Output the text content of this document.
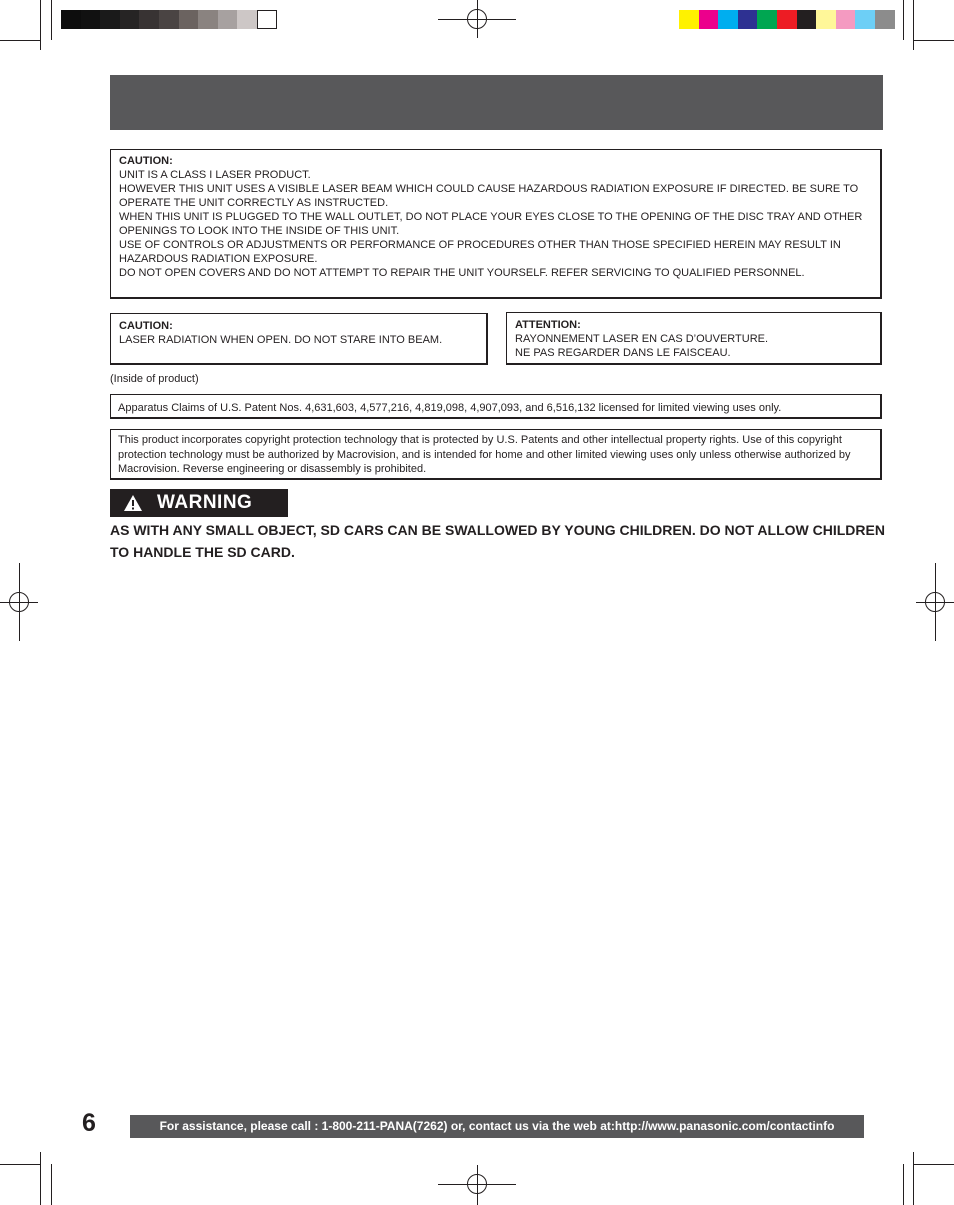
CAUTION:
UNIT IS A CLASS I LASER PRODUCT.
HOWEVER THIS UNIT USES A VISIBLE LASER BEAM WHICH COULD CAUSE HAZARDOUS RADIATION EXPOSURE IF DIRECTED. BE SURE TO OPERATE THE UNIT CORRECTLY AS INSTRUCTED.
WHEN THIS UNIT IS PLUGGED TO THE WALL OUTLET, DO NOT PLACE YOUR EYES CLOSE TO THE OPENING OF THE DISC TRAY AND OTHER OPENINGS TO LOOK INTO THE INSIDE OF THIS UNIT.
USE OF CONTROLS OR ADJUSTMENTS OR PERFORMANCE OF PROCEDURES OTHER THAN THOSE SPECIFIED HEREIN MAY RESULT IN HAZARDOUS RADIATION EXPOSURE.
DO NOT OPEN COVERS AND DO NOT ATTEMPT TO REPAIR THE UNIT YOURSELF. REFER SERVICING TO QUALIFIED PERSONNEL.
CAUTION:
LASER RADIATION WHEN OPEN. DO NOT STARE INTO BEAM.
ATTENTION:
RAYONNEMENT LASER EN CAS D’OUVERTURE.
NE PAS REGARDER DANS LE FAISCEAU.
(Inside of product)
Apparatus Claims of U.S. Patent Nos. 4,631,603, 4,577,216, 4,819,098, 4,907,093, and 6,516,132 licensed for limited viewing uses only.
This product incorporates copyright protection technology that is protected by U.S. Patents and other intellectual property rights. Use of this copyright protection technology must be authorized by Macrovision, and is intended for home and other limited viewing uses only unless otherwise authorized by Macrovision. Reverse engineering or disassembly is prohibited.
WARNING
AS WITH ANY SMALL OBJECT, SD CARS CAN BE SWALLOWED BY YOUNG CHILDREN. DO NOT ALLOW CHILDREN TO HANDLE THE SD CARD.
6	For assistance, please call : 1-800-211-PANA(7262) or, contact us via the web at:http://www.panasonic.com/contactinfo
